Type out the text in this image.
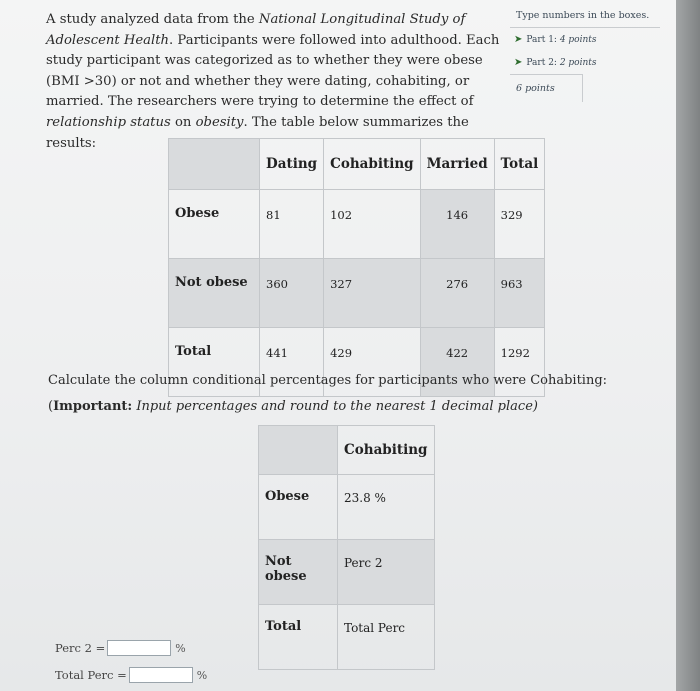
A study analyzed data from the National Longitudinal Study of Adolescent Health. Participants were followed into adulthood. Each study participant was categorized as to whether they were obese (BMI >30) or not and whether they were dating, cohabiting, or married. The researchers were trying to determine the effect of relationship status on obesity. The table below summarizes the results:
Type numbers in the boxes.
➤ Part 1:
4 points
➤ Part 2:
2 points
6 points
	Dating	Cohabiting	Married	Total
Obese	81	102	146	329
Not obese	360	327	276	963
Total	441	429	422	1292
Calculate the column conditional percentages for participants who were Cohabiting:
(Important: Input percentages and round to the nearest 1 decimal place)
	Cohabiting
Obese	23.8 %
Not obese	Perc 2
Total	Total Perc
Perc 2 =	%
Total Perc =	%
